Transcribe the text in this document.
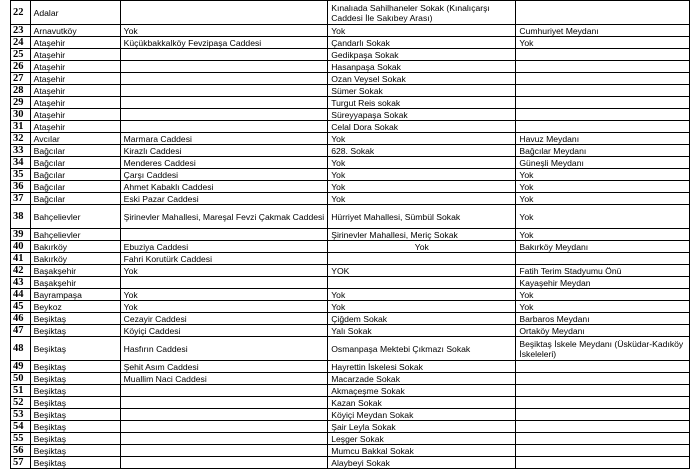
22	Adalar		Kınalıada Sahilhaneler Sokak (Kınalıçarşı Caddesi İle Sakıbey Arası)	
23	Arnavutköy	Yok	Yok	Cumhuriyet Meydanı
24	Ataşehir	Küçükbakkalköy Fevzipaşa Caddesi	Çandarlı Sokak	Yok
25	Ataşehir		Gedikpaşa Sokak	
26	Ataşehir		Hasanpaşa Sokak	
27	Ataşehir		Ozan Veysel Sokak	
28	Ataşehir		Sümer Sokak	
29	Ataşehir		Turgut Reis sokak	
30	Ataşehir		Süreyyapaşa Sokak	
31	Ataşehir		Celal Dora Sokak	
32	Avcılar	Marmara Caddesi	Yok	Havuz Meydanı
33	Bağcılar	Kirazlı Caddesi	628. Sokak	Bağcılar Meydanı
34	Bağcılar	Menderes Caddesi	Yok	Güneşli Meydanı
35	Bağcılar	Çarşı Caddesi	Yok	Yok
36	Bağcılar	Ahmet Kabaklı Caddesi	Yok	Yok
37	Bağcılar	Eski Pazar Caddesi	Yok	Yok
38	Bahçelievler	Şirinevler Mahallesi, Mareşal Fevzi Çakmak Caddesi	Hürriyet Mahallesi, Sümbül Sokak	Yok
39	Bahçelievler		Şirinevler Mahallesi, Meriç Sokak	Yok
40	Bakırköy	Ebuziya Caddesi	Yok	Bakırköy Meydanı
41	Bakırköy	Fahri Korutürk Caddesi		
42	Başakşehir	Yok	YOK	Fatih Terim Stadyumu Önü
43	Başakşehir			Kayaşehir Meydan
44	Bayrampaşa	Yok	Yok	Yok
45	Beykoz	Yok	Yok	Yok
46	Beşiktaş	Cezayir Caddesi	Çiğdem Sokak	Barbaros Meydanı
47	Beşiktaş	Köyiçi Caddesi	Yalı Sokak	Ortaköy Meydanı
48	Beşiktaş	Hasfırın Caddesi	Osmanpaşa Mektebi Çıkmazı Sokak	Beşiktaş İskele Meydanı (Üsküdar-Kadıköy İskeleleri)
49	Beşiktaş	Şehit Asım Caddesi	Hayrettin İskelesi Sokak	
50	Beşiktaş	Muallim Naci Caddesi	Macarzade Sokak	
51	Beşiktaş		Akmaçeşme Sokak	
52	Beşiktaş		Kazan Sokak	
53	Beşiktaş		Köyiçi Meydan Sokak	
54	Beşiktaş		Şair Leyla Sokak	
55	Beşiktaş		Leşger Sokak	
56	Beşiktaş		Mumcu Bakkal Sokak	
57	Beşiktaş		Alaybeyi Sokak	
